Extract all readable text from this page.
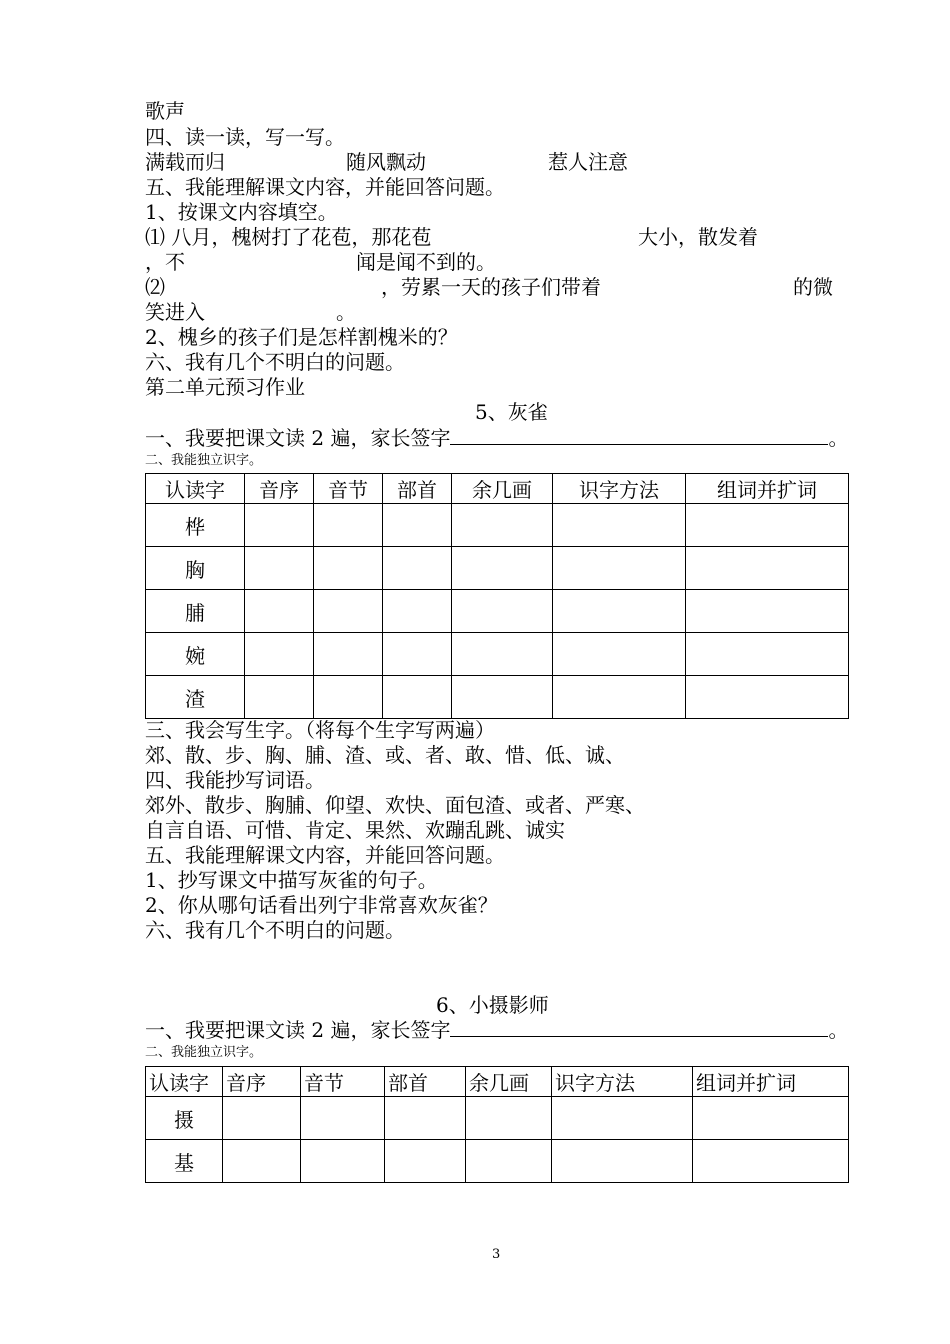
歌声
四、读一读，写一写。
满载而归	随风飘动	惹人注意
五、我能理解课文内容，并能回答问题。
1、按课文内容填空。
⑴ 八月，槐树打了花苞，那花苞	大小，散发着
，不	闻是闻不到的。
⑵	，劳累一天的孩子们带着	的微
笑进入	。
2、槐乡的孩子们是怎样割槐米的？
六、我有几个不明白的问题。
第二单元预习作业
5、灰雀
一、我要把课文读 2 遍，家长签字	。
二、我能独立识字。
认读字	音序	音节	部首	余几画	识字方法	组词并扩词
桦						
胸						
脯						
婉						
渣						
三、我会写生字。（将每个生字写两遍）
郊、散、步、胸、脯、渣、或、者、敢、惜、低、诚、
四、我能抄写词语。
郊外、散步、胸脯、仰望、欢快、面包渣、或者、严寒、
自言自语、可惜、肯定、果然、欢蹦乱跳、诚实
五、我能理解课文内容，并能回答问题。
1、抄写课文中描写灰雀的句子。
2、你从哪句话看出列宁非常喜欢灰雀？
六、我有几个不明白的问题。
6、小摄影师
一、我要把课文读 2 遍，家长签字	。
二、我能独立识字。
认读字	音序	音节	部首	余几画	识字方法	组词并扩词
摄						
基						
3
